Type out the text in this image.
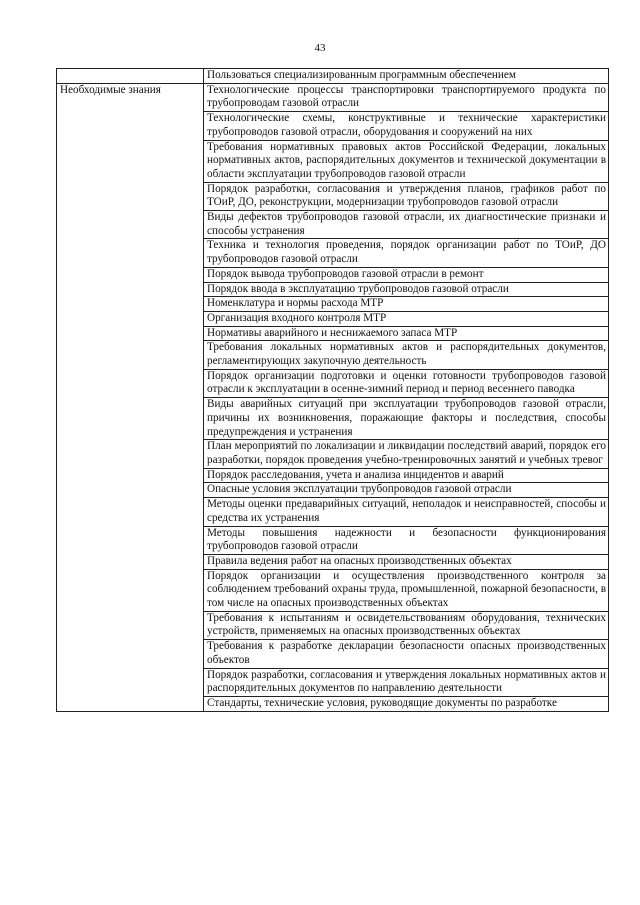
43
	Пользоваться специализированным программным обеспечением
Необходимые знания	Технологические процессы транспортировки транспортируемого продукта по трубопроводам газовой отрасли
	Технологические схемы, конструктивные и технические характеристики трубопроводов газовой отрасли, оборудования и сооружений на них
	Требования нормативных правовых актов Российской Федерации, локальных нормативных актов, распорядительных документов и технической документации в области эксплуатации трубопроводов газовой отрасли
	Порядок разработки, согласования и утверждения планов, графиков работ по ТОиР, ДО, реконструкции, модернизации трубопроводов газовой отрасли
	Виды дефектов трубопроводов газовой отрасли, их диагностические признаки и способы устранения
	Техника и технология проведения, порядок организации работ по ТОиР, ДО трубопроводов газовой отрасли
	Порядок вывода трубопроводов газовой отрасли в ремонт
	Порядок ввода в эксплуатацию трубопроводов газовой отрасли
	Номенклатура и нормы расхода МТР
	Организация входного контроля МТР
	Нормативы аварийного и неснижаемого запаса МТР
	Требования локальных нормативных актов и распорядительных документов, регламентирующих закупочную деятельность
	Порядок организации подготовки и оценки готовности трубопроводов газовой отрасли к эксплуатации в осенне-зимний период и период весеннего паводка
	Виды аварийных ситуаций при эксплуатации трубопроводов газовой отрасли, причины их возникновения, поражающие факторы и последствия, способы предупреждения и устранения
	План мероприятий по локализации и ликвидации последствий аварий, порядок его разработки, порядок проведения учебно-тренировочных занятий и учебных тревог
	Порядок расследования, учета и анализа инцидентов и аварий
	Опасные условия эксплуатации трубопроводов газовой отрасли
	Методы оценки предаварийных ситуаций, неполадок и неисправностей, способы и средства их устранения
	Методы повышения надежности и безопасности функционирования трубопроводов газовой отрасли
	Правила ведения работ на опасных производственных объектах
	Порядок организации и осуществления производственного контроля за соблюдением требований охраны труда, промышленной, пожарной безопасности, в том числе на опасных производственных объектах
	Требования к испытаниям и освидетельствованиям оборудования, технических устройств, применяемых на опасных производственных объектах
	Требования к разработке декларации безопасности опасных производственных объектов
	Порядок разработки, согласования и утверждения локальных нормативных актов и распорядительных документов по направлению деятельности
	Стандарты, технические условия, руководящие документы по разработке
